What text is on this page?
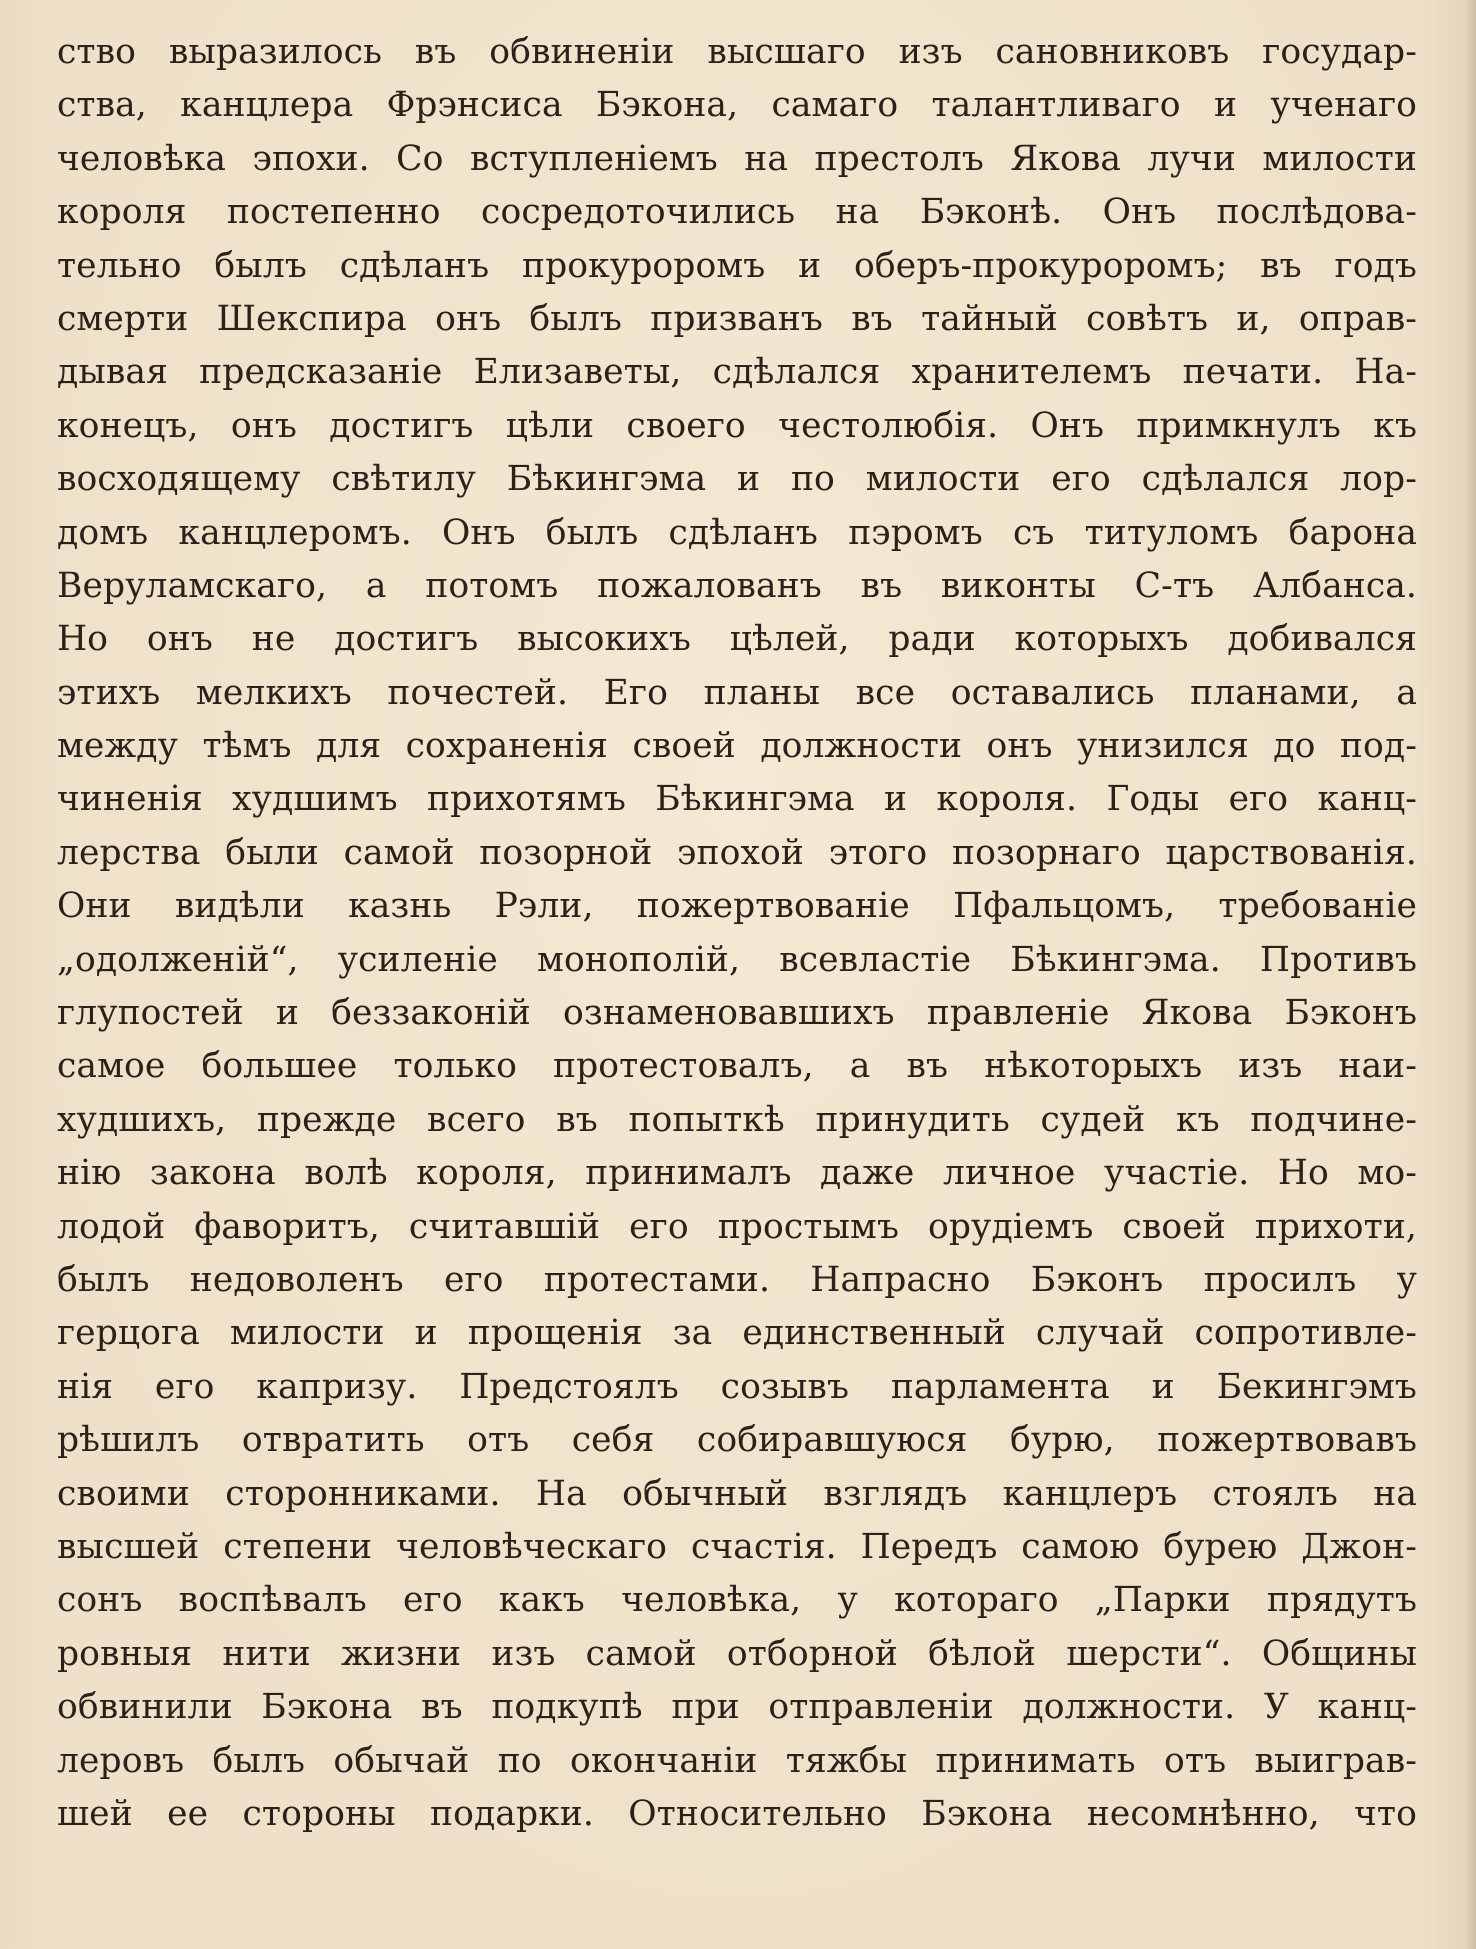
ство выразилось въ обвиненіи высшаго изъ сановниковъ государ-
ства, канцлера Фрэнсиса Бэкона, самаго талантливаго и ученаго
человѣка эпохи. Со вступленіемъ на престолъ Якова лучи милости
короля постепенно сосредоточились на Бэконѣ. Онъ послѣдова-
тельно былъ сдѣланъ прокуроромъ и оберъ-прокуроромъ; въ годъ
смерти Шекспира онъ былъ призванъ въ тайный совѣтъ и, оправ-
дывая предсказаніе Елизаветы, сдѣлался хранителемъ печати. На-
конецъ, онъ достигъ цѣли своего честолюбія. Онъ примкнулъ къ
восходящему свѣтилу Бѣкингэма и по милости его сдѣлался лор-
домъ канцлеромъ. Онъ былъ сдѣланъ пэромъ съ титуломъ барона
Веруламскаго, а потомъ пожалованъ въ виконты С-тъ Албанса.
Но онъ не достигъ высокихъ цѣлей, ради которыхъ добивался
этихъ мелкихъ почестей. Его планы все оставались планами, а
между тѣмъ для сохраненія своей должности онъ унизился до под-
чиненія худшимъ прихотямъ Бѣкингэма и короля. Годы его канц-
лерства были самой позорной эпохой этого позорнаго царствованія.
Они видѣли казнь Рэли, пожертвованіе Пфальцомъ, требованіе
„одолженій“, усиленіе монополій, всевластіе Бѣкингэма. Противъ
глупостей и беззаконій ознаменовавшихъ правленіе Якова Бэконъ
самое большее только протестовалъ, а въ нѣкоторыхъ изъ наи-
худшихъ, прежде всего въ попыткѣ принудить судей къ подчине-
нію закона волѣ короля, принималъ даже личное участіе. Но мо-
лодой фаворитъ, считавшій его простымъ орудіемъ своей прихоти,
былъ недоволенъ его протестами. Напрасно Бэконъ просилъ у
герцога милости и прощенія за единственный случай сопротивле-
нія его капризу. Предстоялъ созывъ парламента и Бекингэмъ
рѣшилъ отвратить отъ себя собиравшуюся бурю, пожертвовавъ
своими сторонниками. На обычный взглядъ канцлеръ стоялъ на
высшей степени человѣческаго счастія. Передъ самою бурею Джон-
сонъ воспѣвалъ его какъ человѣка, у котораго „Парки прядутъ
ровныя нити жизни изъ самой отборной бѣлой шерсти“. Общины
обвинили Бэкона въ подкупѣ при отправленіи должности. У канц-
леровъ былъ обычай по окончаніи тяжбы принимать отъ выиграв-
шей ее стороны подарки. Относительно Бэкона несомнѣнно, что
